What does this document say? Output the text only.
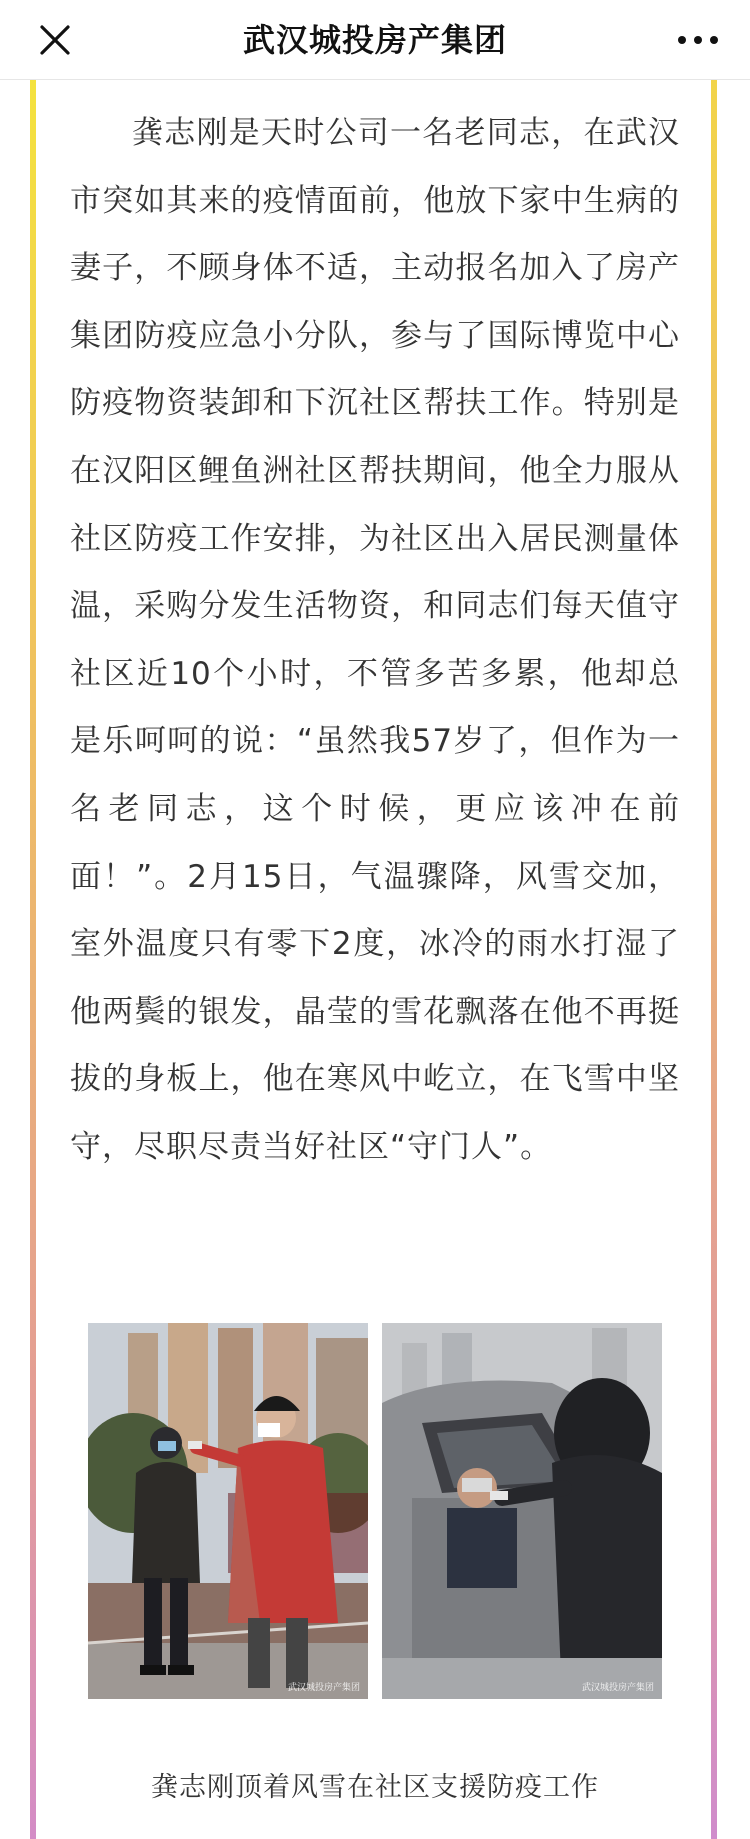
武汉城投房产集团

龚志刚是天时公司一名老同志，在武汉市突如其来的疫情面前，他放下家中生病的妻子，不顾身体不适，主动报名加入了房产集团防疫应急小分队，参与了国际博览中心防疫物资装卸和下沉社区帮扶工作。特别是在汉阳区鲤鱼洲社区帮扶期间，他全力服从社区防疫工作安排，为社区出入居民测量体温，采购分发生活物资，和同志们每天值守社区近10个小时，不管多苦多累，他却总是乐呵呵的说：“虽然我57岁了，但作为一名老同志，这个时候，更应该冲在前面！”。2月15日，气温骤降，风雪交加，室外温度只有零下2度，冰冷的雨水打湿了他两鬓的银发，晶莹的雪花飘落在他不再挺拔的身板上，他在寒风中屹立，在飞雪中坚守，尽职尽责当好社区“守门人”。

武汉城投房产集团	武汉城投房产集团
龚志刚顶着风雪在社区支援防疫工作
